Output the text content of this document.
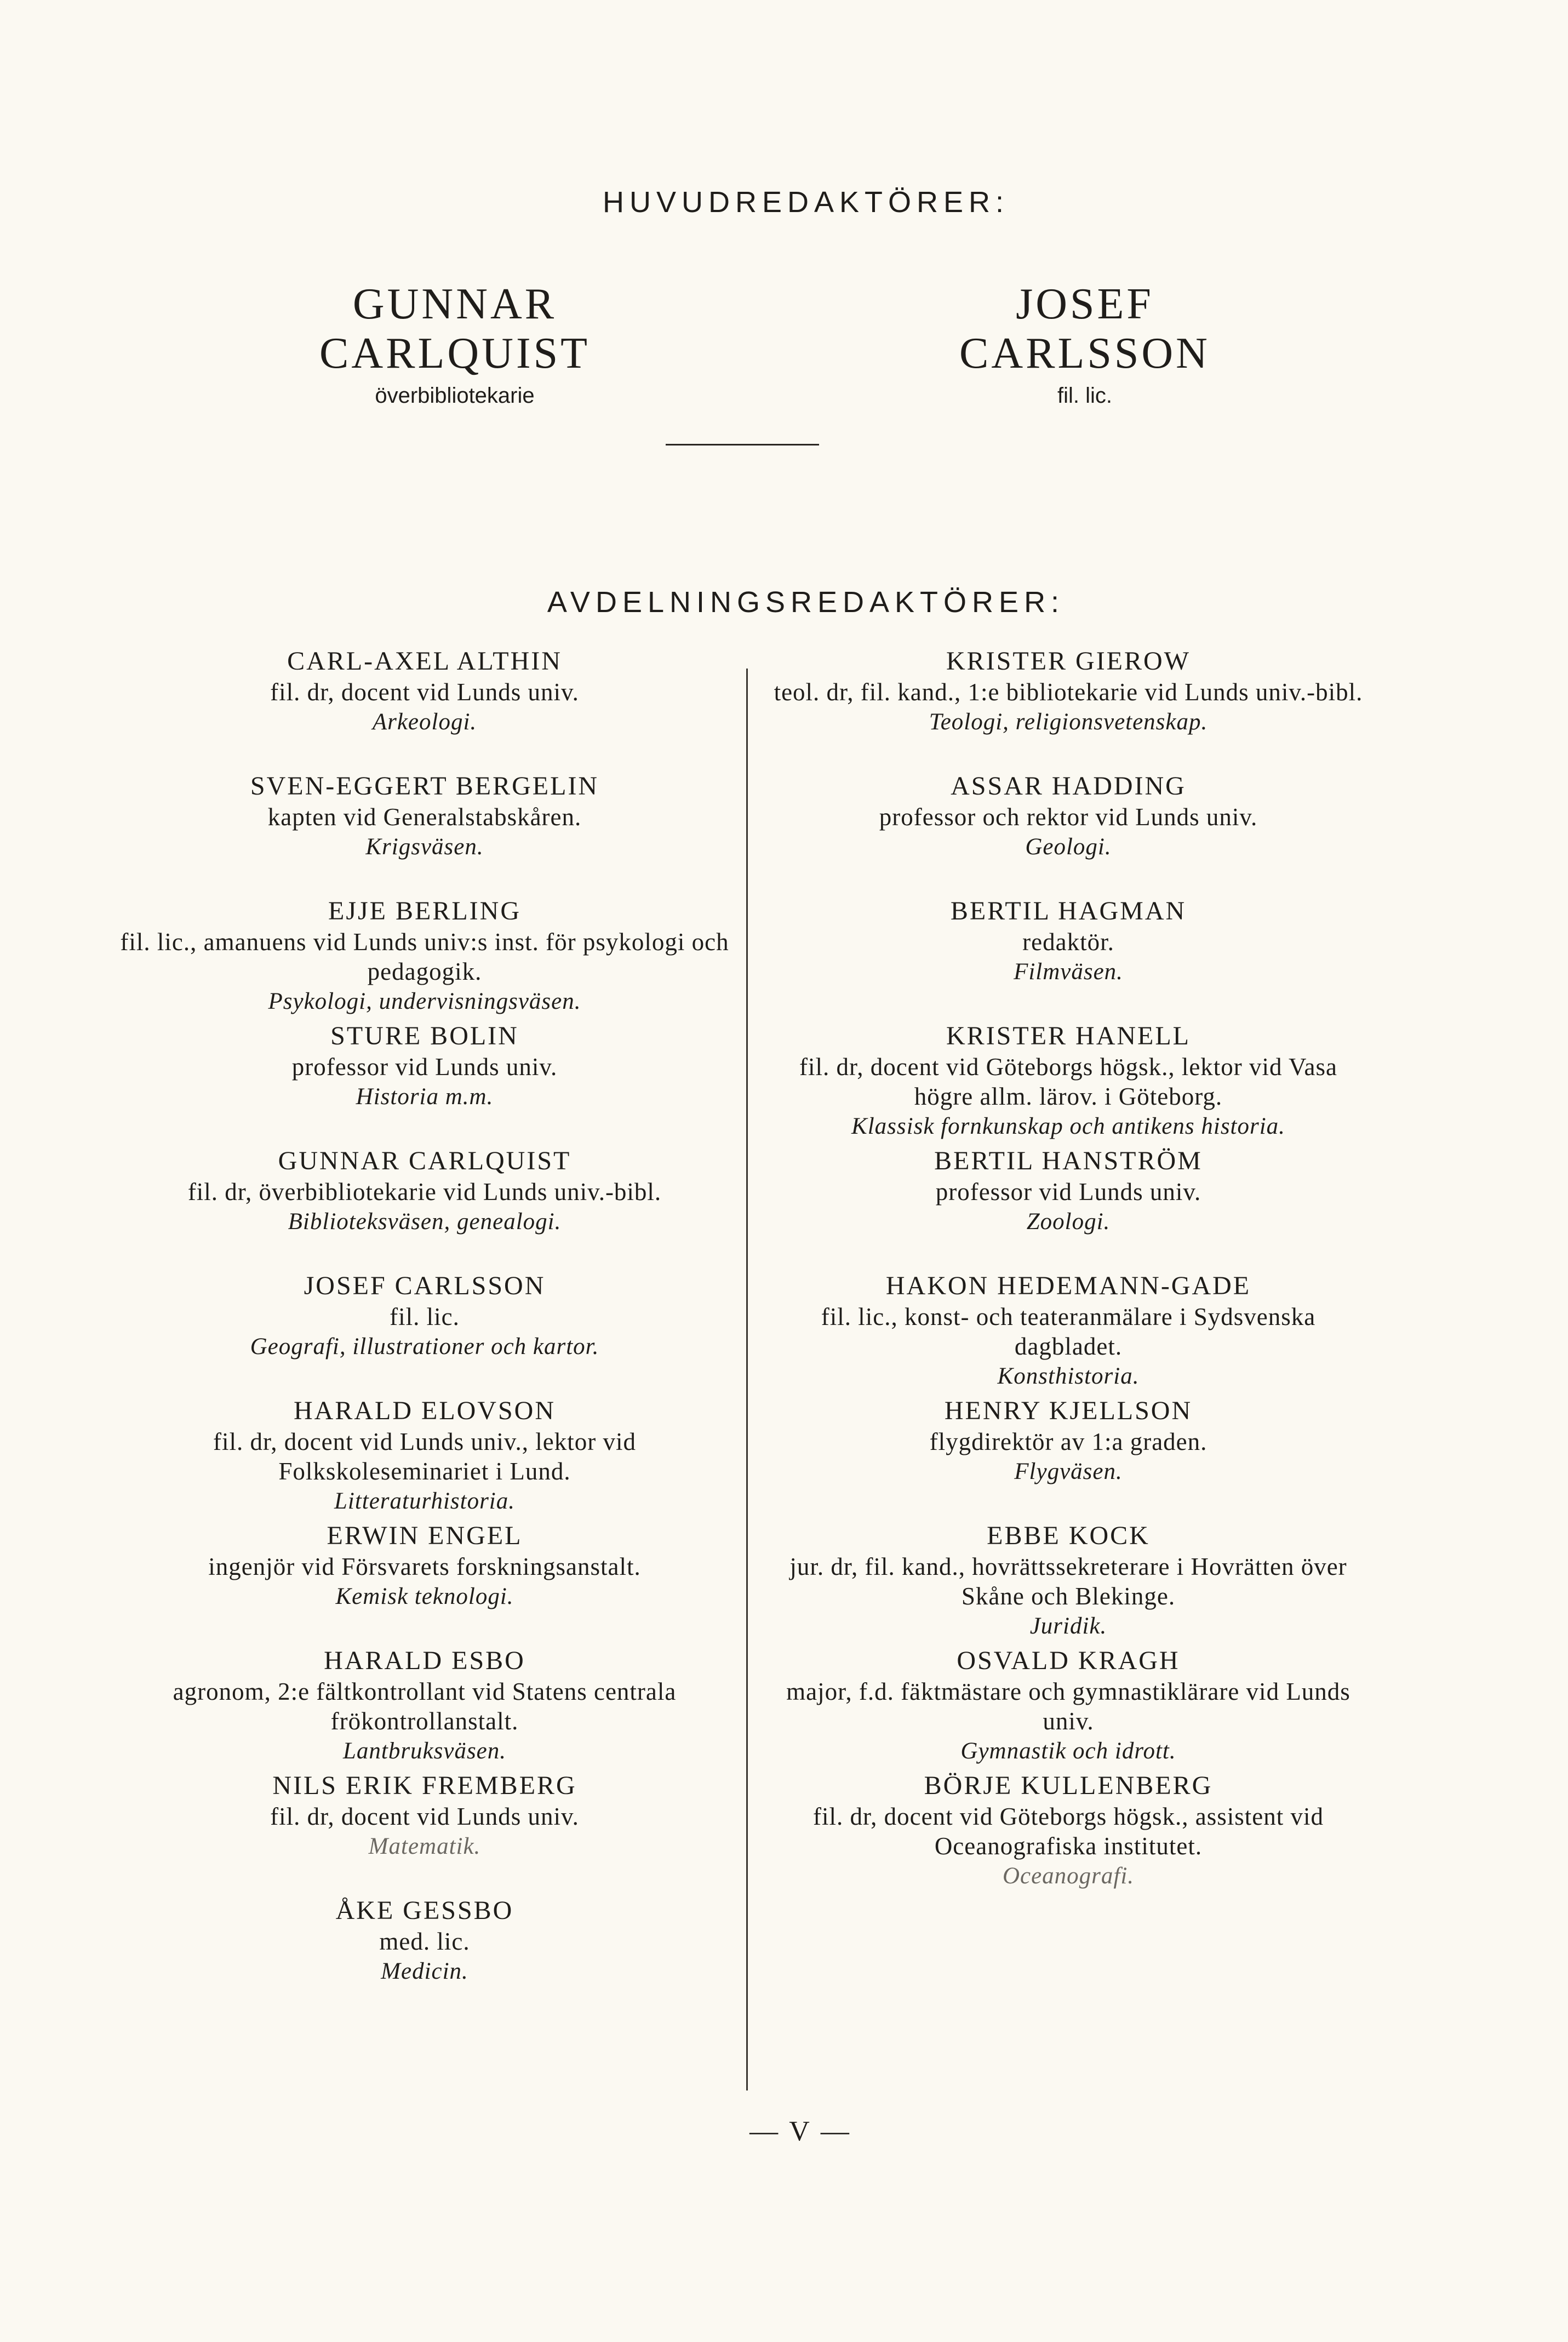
HUVUDREDAKTÖRER:
GUNNAR CARLQUIST
överbibliotekarie
JOSEF CARLSSON
fil. lic.
AVDELNINGSREDAKTÖRER:
CARL-AXEL ALTHIN
fil. dr, docent vid Lunds univ.
Arkeologi.
SVEN-EGGERT BERGELIN
kapten vid Generalstabskåren.
Krigsväsen.
EJJE BERLING
fil. lic., amanuens vid Lunds univ:s inst. för psykologi och pedagogik.
Psykologi, undervisningsväsen.
STURE BOLIN
professor vid Lunds univ.
Historia m.m.
GUNNAR CARLQUIST
fil. dr, överbibliotekarie vid Lunds univ.-bibl.
Biblioteksväsen, genealogi.
JOSEF CARLSSON
fil. lic.
Geografi, illustrationer och kartor.
HARALD ELOVSON
fil. dr, docent vid Lunds univ., lektor vid Folkskoleseminariet i Lund.
Litteraturhistoria.
ERWIN ENGEL
ingenjör vid Försvarets forskningsanstalt.
Kemisk teknologi.
HARALD ESBO
agronom, 2:e fältkontrollant vid Statens centrala frökontrollanstalt.
Lantbruksväsen.
NILS ERIK FREMBERG
fil. dr, docent vid Lunds univ.
Matematik.
ÅKE GESSBO
med. lic.
Medicin.
KRISTER GIEROW
teol. dr, fil. kand., 1:e bibliotekarie vid Lunds univ.-bibl.
Teologi, religionsvetenskap.
ASSAR HADDING
professor och rektor vid Lunds univ.
Geologi.
BERTIL HAGMAN
redaktör.
Filmväsen.
KRISTER HANELL
fil. dr, docent vid Göteborgs högsk., lektor vid Vasa högre allm. lärov. i Göteborg.
Klassisk fornkunskap och antikens historia.
BERTIL HANSTRÖM
professor vid Lunds univ.
Zoologi.
HAKON HEDEMANN-GADE
fil. lic., konst- och teateranmälare i Sydsvenska dagbladet.
Konsthistoria.
HENRY KJELLSON
flygdirektör av 1:a graden.
Flygväsen.
EBBE KOCK
jur. dr, fil. kand., hovrättssekreterare i Hovrätten över Skåne och Blekinge.
Juridik.
OSVALD KRAGH
major, f.d. fäktmästare och gymnastiklärare vid Lunds univ.
Gymnastik och idrott.
BÖRJE KULLENBERG
fil. dr, docent vid Göteborgs högsk., assistent vid Oceanografiska institutet.
Oceanografi.
— V —
